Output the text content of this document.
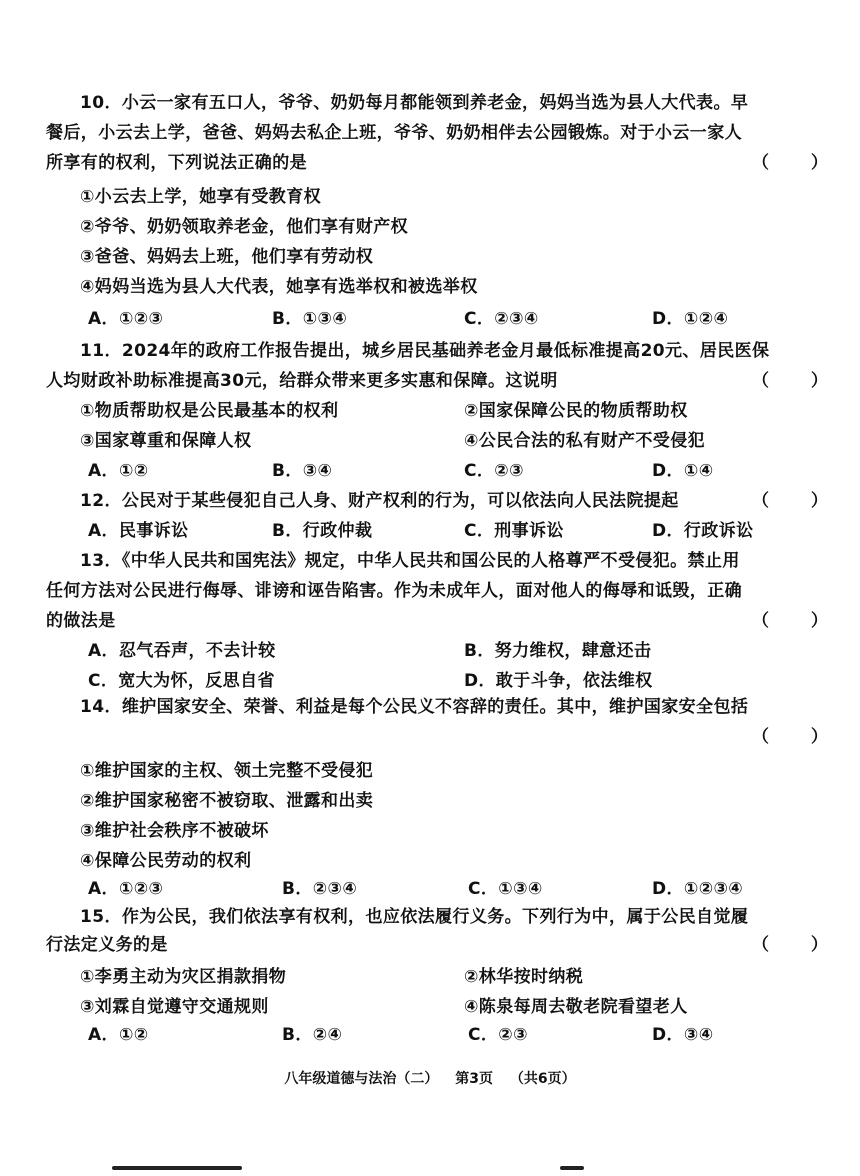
10．小云一家有五口人，爷爷、奶奶每月都能领到养老金，妈妈当选为县人大代表。早
餐后，小云去上学，爸爸、妈妈去私企上班，爷爷、奶奶相伴去公园锻炼。对于小云一家人
所享有的权利，下列说法正确的是	（ ）
①小云去上学，她享有受教育权
②爷爷、奶奶领取养老金，他们享有财产权
③爸爸、妈妈去上班，他们享有劳动权
④妈妈当选为县人大代表，她享有选举权和被选举权
A．①②③	B．①③④	C．②③④	D．①②④
11．2024年的政府工作报告提出，城乡居民基础养老金月最低标准提高20元、居民医保
人均财政补助标准提高30元，给群众带来更多实惠和保障。这说明	（ ）
①物质帮助权是公民最基本的权利	②国家保障公民的物质帮助权
③国家尊重和保障人权	④公民合法的私有财产不受侵犯
A．①②	B．③④	C．②③	D．①④
12．公民对于某些侵犯自己人身、财产权利的行为，可以依法向人民法院提起	（ ）
A．民事诉讼	B．行政仲裁	C．刑事诉讼	D．行政诉讼
13．《中华人民共和国宪法》规定，中华人民共和国公民的人格尊严不受侵犯。禁止用
任何方法对公民进行侮辱、诽谤和诬告陷害。作为未成年人，面对他人的侮辱和诋毁，正确
的做法是	（ ）
A．忍气吞声，不去计较	B．努力维权，肆意还击
C．宽大为怀，反思自省	D．敢于斗争，依法维权
14．维护国家安全、荣誉、利益是每个公民义不容辞的责任。其中，维护国家安全包括
（ ）
①维护国家的主权、领土完整不受侵犯
②维护国家秘密不被窃取、泄露和出卖
③维护社会秩序不被破坏
④保障公民劳动的权利
A．①②③	B．②③④	C．①③④	D．①②③④
15．作为公民，我们依法享有权利，也应依法履行义务。下列行为中，属于公民自觉履
行法定义务的是	（ ）
①李勇主动为灾区捐款捐物	②林华按时纳税
③刘霖自觉遵守交通规则	④陈泉每周去敬老院看望老人
A．①②	B．②④	C．②③	D．③④
八年级道德与法治（二） 第3页 （共6页）
